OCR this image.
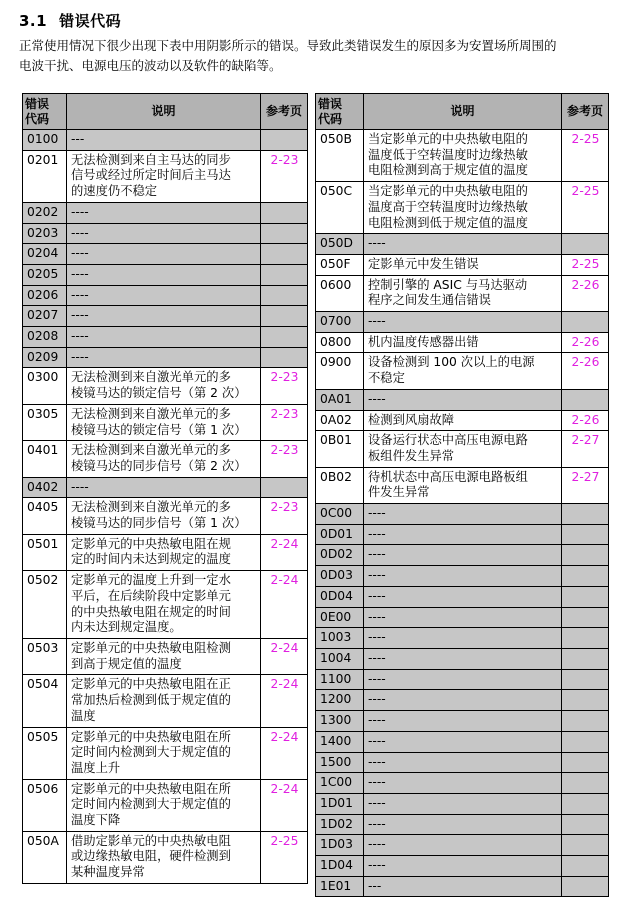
3.1 错误代码
正常使用情况下很少出现下表中用阴影所示的错误。导致此类错误发生的原因多为安置场所周围的
电波干扰、电源电压的波动以及软件的缺陷等。
错误
代码	说明	参考页
0100	---	

0201	无法检测到来自主马达的同步
信号或经过所定时间后主马达
的速度仍不稳定	2-23
0202	----	

0203	----	

0204	----	

0205	----	

0206	----	

0207	----	

0208	----	

0209	----	

0300	无法检测到来自激光单元的多
棱镜马达的锁定信号（第 2 次）	2-23
0305	无法检测到来自激光单元的多
棱镜马达的锁定信号（第 1 次）	2-23
0401	无法检测到来自激光单元的多
棱镜马达的同步信号（第 2 次）	2-23
0402	----	

0405	无法检测到来自激光单元的多
棱镜马达的同步信号（第 1 次）	2-23
0501	定影单元的中央热敏电阻在规
定的时间内未达到规定的温度	2-24
0502	定影单元的温度上升到一定水
平后，在后续阶段中定影单元
的中央热敏电阻在规定的时间
内未达到规定温度。	2-24
0503	定影单元的中央热敏电阻检测
到高于规定值的温度	2-24
0504	定影单元的中央热敏电阻在正
常加热后检测到低于规定值的
温度	2-24
0505	定影单元的中央热敏电阻在所
定时间内检测到大于规定值的
温度上升	2-24
0506	定影单元的中央热敏电阻在所
定时间内检测到大于规定值的
温度下降	2-24
050A	借助定影单元的中央热敏电阻
或边缘热敏电阻，硬件检测到
某种温度异常	2-25
错误
代码	说明	参考页
050B	当定影单元的中央热敏电阻的
温度低于空转温度时边缘热敏
电阻检测到高于规定值的温度	2-25
050C	当定影单元的中央热敏电阻的
温度高于空转温度时边缘热敏
电阻检测到低于规定值的温度	2-25
050D	----	

050F	定影单元中发生错误	2-25
0600	控制引擎的 ASIC 与马达驱动
程序之间发生通信错误	2-26
0700	----	

0800	机内温度传感器出错	2-26
0900	设备检测到 100 次以上的电源
不稳定	2-26
0A01	----	

0A02	检测到风扇故障	2-26
0B01	设备运行状态中高压电源电路
板组件发生异常	2-27
0B02	待机状态中高压电源电路板组
件发生异常	2-27
0C00	----	

0D01	----	

0D02	----	

0D03	----	

0D04	----	

0E00	----	

1003	----	

1004	----	

1100	----	

1200	----	

1300	----	

1400	----	

1500	----	

1C00	----	

1D01	----	

1D02	----	

1D03	----	

1D04	----	

1E01	---	
